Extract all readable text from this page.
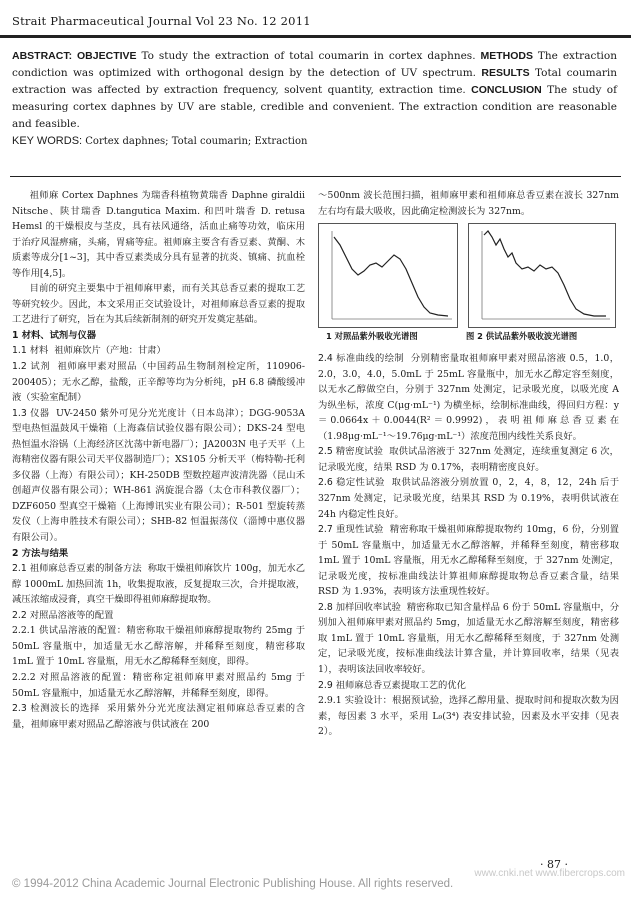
Strait Pharmaceutical Journal Vol 23 No. 12 2011
ABSTRACT: OBJECTIVE To study the extraction of total coumarin in cortex daphnes. METHODS The extraction condiction was optimized with orthogonal design by the detection of UV spectrum. RESULTS Total coumarin extraction was affected by extraction frequency, solvent quantity, extraction time. CONCLUSION The study of measuring cortex daphnes by UV are stable, credible and convenient. The extraction condition are reasonable and feasible.
KEY WORDS: Cortex daphnes; Total coumarin; Extraction

祖师麻 Cortex Daphnes 为瑞香科植物黄瑞香 Daphne giraldii Nitsche、陕甘瑞香 D.tangutica Maxim. 和凹叶瑞香 D. retusa Hemsl 的干燥根皮与茎皮，具有祛风通络，活血止痛等功效，临床用于治疗风湿痹痛，头痛，胃痛等症。祖师麻主要含有香豆素、黄酮、木质素等成分[1~3]，其中香豆素类成分具有显著的抗炎、镇痛、抗血栓等作用[4,5]。

目前的研究主要集中于祖师麻甲素，而有关其总香豆素的提取工艺等研究较少。因此，本文采用正交试验设计，对祖师麻总香豆素的提取工艺进行了研究，旨在为其后续新制剂的研究开发奠定基础。

1 材料、试剂与仪器

1.1 材料 祖师麻饮片（产地：甘肃）

1.2 试剂 祖师麻甲素对照品（中国药品生物制剂检定所，110906-200405）；无水乙醇，盐酸，正辛醇等均为分析纯，pH 6.8 磷酸缓冲液（实验室配制）

1.3 仪器 UV-2450 紫外可见分光光度计（日本岛津）；DGG-9053A 型电热恒温鼓风干燥箱（上海森信试验仪器有限公司）；DKS-24 型电热恒温水浴锅（上海经济区沈荡中新电器厂）；JA2003N 电子天平（上海精密仪器有限公司天平仪器制造厂）；XS105 分析天平（梅特勒-托利多仪器（上海）有限公司）；KH-250DB 型数控超声波清洗器（昆山禾创超声仪器有限公司）；WH-861 涡旋混合器（太仓市科教仪器厂）；DZF6050 型真空干燥箱（上海博讯实业有限公司）；R-501 型旋转蒸发仪（上海申胜技术有限公司）；SHB-82 恒温振荡仪（淄博中惠仪器有限公司）。

2 方法与结果

2.1 祖师麻总香豆素的制备方法 称取干燥祖师麻饮片 100g，加无水乙醇 1000mL 加热回流 1h，收集提取液，反复提取三次，合并提取液，减压浓缩成浸膏，真空干燥即得祖师麻醇提取物。

2.2 对照品溶液等的配置

2.2.1 供试品溶液的配置：精密称取干燥祖师麻醇提取物约 25mg 于 50mL 容量瓶中，加适量无水乙醇溶解，并稀释至刻度，精密移取 1mL 置于 10mL 容量瓶，用无水乙醇稀释至刻度，即得。

2.2.2 对照品溶液的配置：精密称定祖师麻甲素对照品约 5mg 于 50mL 容量瓶中，加适量无水乙醇溶解，并稀释至刻度，即得。

2.3 检测波长的选择 采用紫外分光光度法测定祖师麻总香豆素的含量，祖师麻甲素对照品乙醇溶液与供试液在 200

～500nm 波长范围扫描，祖师麻甲素和祖师麻总香豆素在波长 327nm 左右均有最大吸收，因此确定检测波长为 327nm。

1 对照品紫外吸收光谱图	图 2 供试品紫外吸收波光谱图

2.4 标准曲线的绘制 分别精密量取祖师麻甲素对照品溶液 0.5，1.0，2.0，3.0，4.0，5.0mL 于 25mL 容量瓶中，加无水乙醇定容至刻度，以无水乙醇做空白，分别于 327nm 处测定，记录吸光度，以吸光度 A 为纵坐标，浓度 C(μg·mL⁻¹) 为横坐标，绘制标准曲线，得回归方程：y＝0.0664x＋0.0044(R²＝0.9992)，表明祖师麻总香豆素在（1.98μg·mL⁻¹～19.76μg·mL⁻¹）浓度范围内线性关系良好。

2.5 精密度试验 取供试品溶液于 327nm 处测定，连续重复测定 6 次，记录吸光度，结果 RSD 为 0.17%，表明精密度良好。

2.6 稳定性试验 取供试品溶液分别放置 0，2，4，8，12，24h 后于 327nm 处测定，记录吸光度，结果其 RSD 为 0.19%，表明供试液在 24h 内稳定性良好。

2.7 重现性试验 精密称取干燥祖师麻醇提取物约 10mg，6 份，分别置于 50mL 容量瓶中，加适量无水乙醇溶解，并稀释至刻度，精密移取 1mL 置于 10mL 容量瓶，用无水乙醇稀释至刻度，于 327nm 处测定，记录吸光度，按标准曲线法计算祖师麻醇提取物总香豆素含量，结果 RSD 为 1.93%，表明该方法重现性较好。

2.8 加样回收率试验 精密称取已知含量样品 6 份于 50mL 容量瓶中，分别加入祖师麻甲素对照品约 5mg，加适量无水乙醇溶解至刻度，精密移取 1mL 置于 10mL 容量瓶，用无水乙醇稀释至刻度，于 327nm 处测定，记录吸光度，按标准曲线法计算含量，并计算回收率，结果（见表 1），表明该法回收率较好。

2.9 祖师麻总香豆素提取工艺的优化

2.9.1 实验设计：根据预试验，选择乙醇用量、提取时间和提取次数为因素，每因素 3 水平，采用 L₉(3⁴) 表安排试验，因素及水平安排（见表 2）。

· 87 ·
© 1994-2012 China Academic Journal Electronic Publishing House. All rights reserved.
www.cnki.net www.fibercrops.com
